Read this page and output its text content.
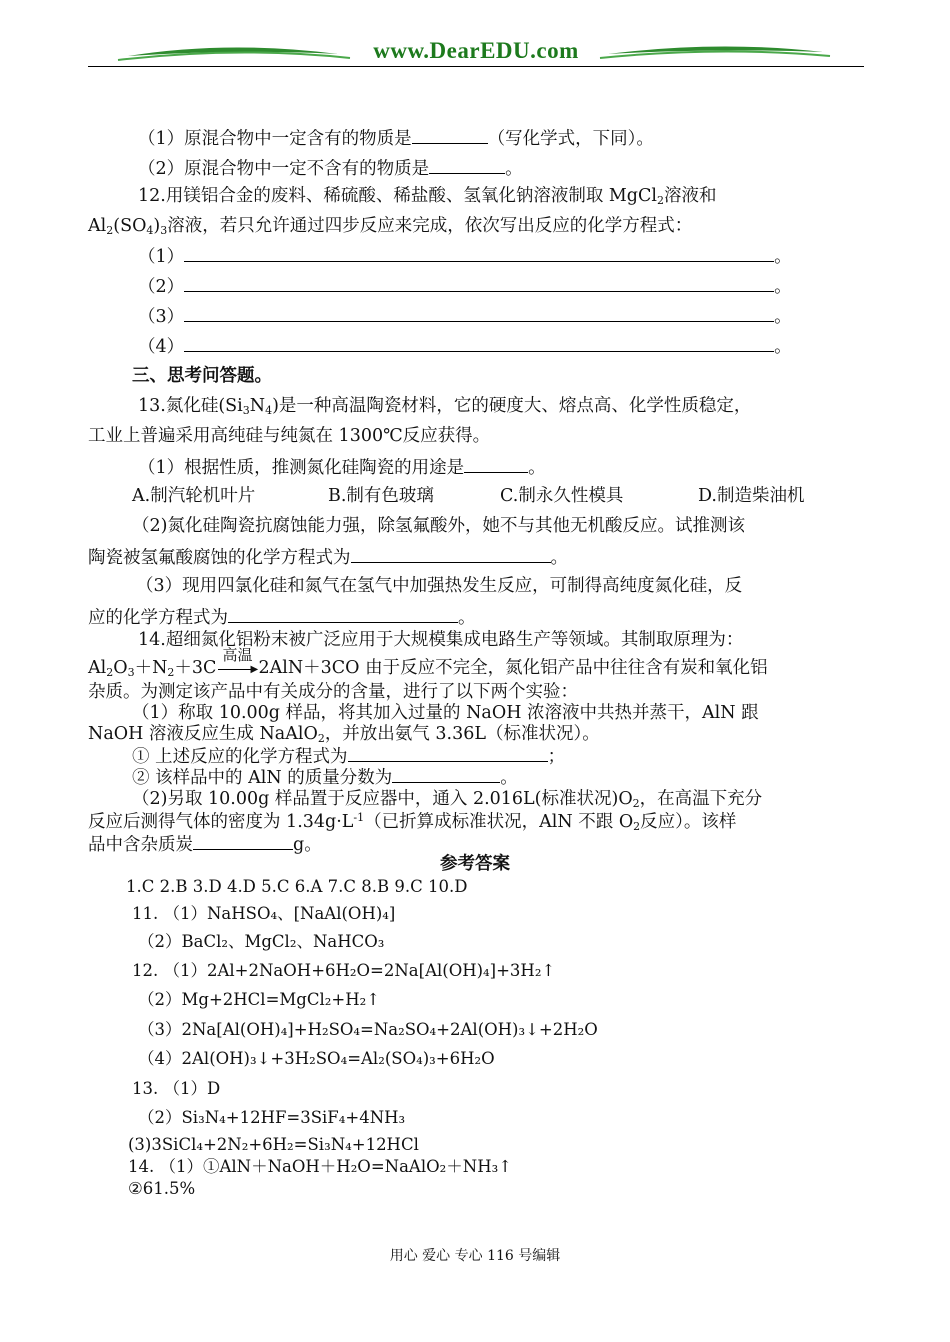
www.DearEDU.com
（1）原混合物中一定含有的物质是	（写化学式，下同）。
（2）原混合物中一定不含有的物质是	。
12.用镁铝合金的废料、稀硫酸、稀盐酸、氢氧化钠溶液制取 MgCl$_2$溶液和
$Al_2(SO_4)_3$溶液，若只允许通过四步反应来完成，依次写出反应的化学方程式：
（1）	。
（2）	。
（3）	。
（4）	。
三、思考问答题。
13.氮化硅$(Si_3N_4)$是一种高温陶瓷材料，它的硬度大、熔点高、化学性质稳定，
工业上普遍采用高纯硅与纯氮在 1300℃反应获得。
（1）根据性质，推测氮化硅陶瓷的用途是	。
A.制汽轮机叶片	B.制有色玻璃	C.制永久性模具	D.制造柴油机
（2)氮化硅陶瓷抗腐蚀能力强，除氢氟酸外，她不与其他无机酸反应。试推测该
陶瓷被氢氟酸腐蚀的化学方程式为	。
（3）现用四氯化硅和氮气在氢气中加强热发生反应，可制得高纯度氮化硅，反
应的化学方程式为	。
14.超细氮化铝粉末被广泛应用于大规模集成电路生产等领域。其制取原理为：
$Al_2O_3+N_2+3C$
高温
▶ 2AlN＋3CO 由于反应不完全，氮化铝产品中往往含有炭和氧化铝
杂质。为测定该产品中有关成分的含量，进行了以下两个实验：
（1）称取 10.00g 样品，将其加入过量的 NaOH 浓溶液中共热并蒸干，AlN 跟
NaOH 溶液反应生成 NaAlO$_2$，并放出氨气 3.36L（标准状况）。
① 上述反应的化学方程式为	；
② 该样品中的 AlN 的质量分数为	。
（2)另取 10.00g 样品置于反应器中，通入 2.016L(标准状况)$O_2$，在高温下充分
反应后测得气体的密度为 $1.34g\cdot L^{-1}$（已折算成标准状况，AlN 不跟 $O_2$反应）。该样
品中含杂质炭	g。
1.C 2.B 3.D 4.D 5.C 6.A 7.C 8.B 9.C 10.D
11. （1）NaHSO₄、[NaAl(OH)₄]
（2）BaCl₂、MgCl₂、NaHCO₃
12. （1）2Al+2NaOH+6H₂O=2Na[Al(OH)₄]+3H₂↑
（2）Mg+2HCl=MgCl₂+H₂↑
（3）2Na[Al(OH)₄]+H₂SO₄=Na₂SO₄+2Al(OH)₃↓+2H₂O
（4）2Al(OH)₃↓+3H₂SO₄=Al₂(SO₄)₃+6H₂O
13. （1）D
（2）Si₃N₄+12HF=3SiF₄+4NH₃
(3)3SiCl₄+2N₂+6H₂=Si₃N₄+12HCl
14. （1）①AlN＋NaOH＋H₂O=NaAlO₂＋NH₃↑
②61.5%
参考答案
用心 爱心 专心 116 号编辑
